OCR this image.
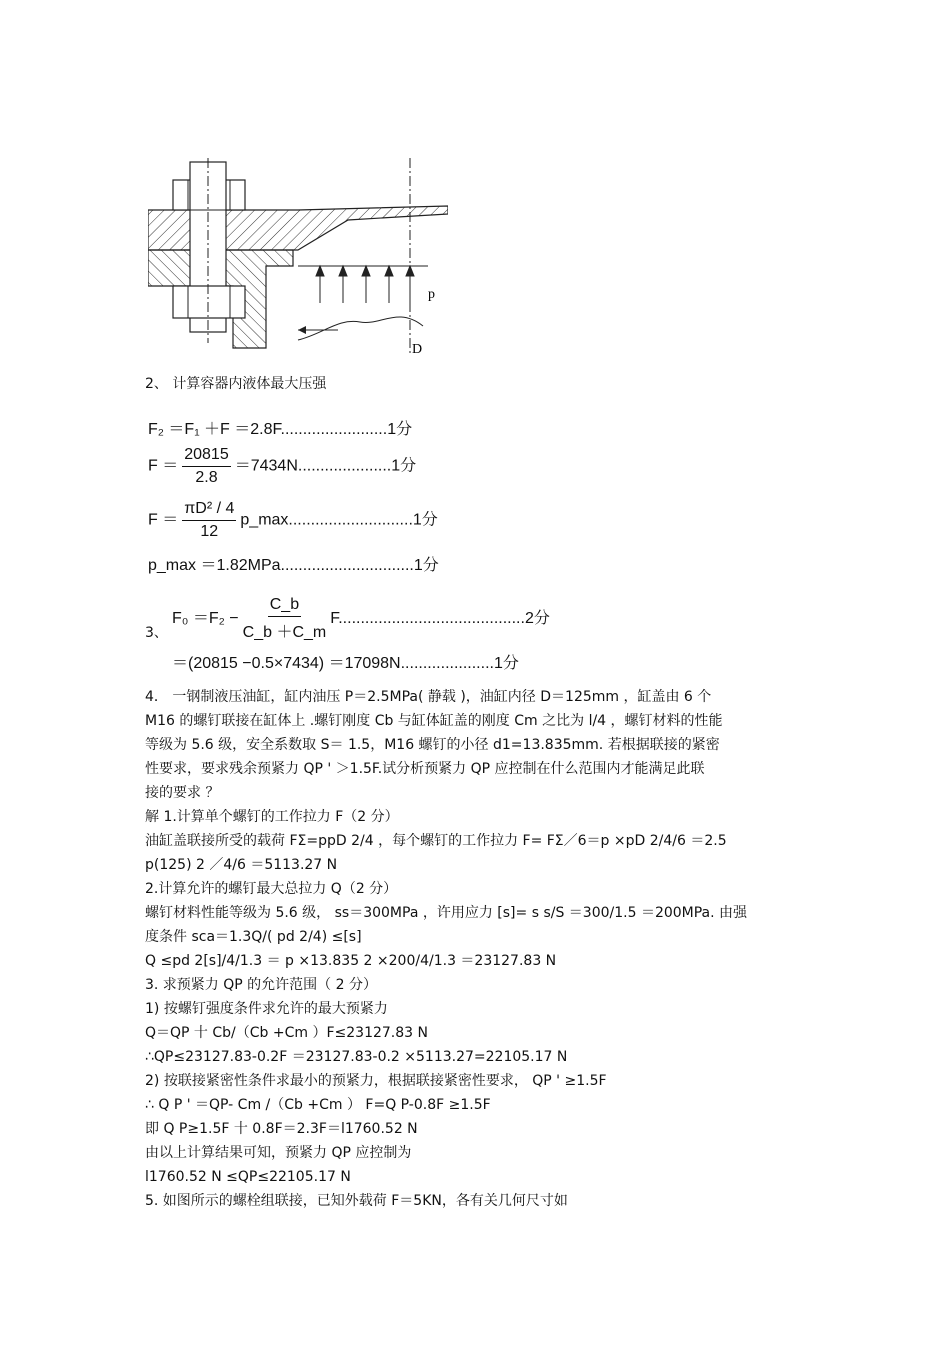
p
D
2、 计算容器内液体最大压强
F₂ ＝F₁ ＋F ＝2.8F........................1分
$F = \frac{20815}{2.8} =7434N.....................1$分
$F = \frac{\text{πD² / 4}}{12}$ p_max............................1分
p_max ＝1.82MPa..............................1分
3、
$F_0 =F_2 - \frac{C\_b}{C\_b +C\_m} F..........................................2$分
＝(20815 −0.5×7434) ＝17098N.....................1分
4． 一钢制液压油缸，缸内油压 P＝2.5MPa( 静载 )，油缸内径 D＝125mm ，缸盖由 6 个
M16 的螺钉联接在缸体上 .螺钉刚度 Cb 与缸体缸盖的刚度 Cm 之比为 l/4 ，螺钉材料的性能
等级为 5.6 级，安全系数取 S＝ 1.5，M16 螺钉的小径 d1=13.835mm. 若根据联接的紧密
性要求，要求残余预紧力 QP ' ＞1.5F.试分析预紧力 QP 应控制在什么范围内才能满足此联
接的要求 ？
解 1.计算单个螺钉的工作拉力 F（2 分）
油缸盖联接所受的载荷 FΣ=ppD 2/4 ，每个螺钉的工作拉力 F= FΣ／6＝p ×pD 2/4/6 ＝2.5
p(125) 2 ／4/6 ＝5113.27 N
2.计算允许的螺钉最大总拉力 Q（2 分）
螺钉材料性能等级为 5.6 级， ss＝300MPa ，许用应力 [s]= s s/S ＝300/1.5 ＝200MPa. 由强
度条件 sca＝1.3Q/( pd 2/4) ≤[s]
Q ≤pd 2[s]/4/1.3 ＝ p ×13.835 2 ×200/4/1.3 ＝23127.83 N
3. 求预紧力 QP 的允许范围（ 2 分）
1) 按螺钉强度条件求允许的最大预紧力
Q＝QP 十 Cb/（Cb +Cm ）F≤23127.83 N
∴QP≤23127.83-0.2F ＝23127.83-0.2 ×5113.27=22105.17 N
2) 按联接紧密性条件求最小的预紧力，根据联接紧密性要求， QP ' ≥1.5F
∴ Q P ' ＝QP- Cm /（Cb +Cm ） F=Q P-0.8F ≥1.5F
即 Q P≥1.5F 十 0.8F＝2.3F＝l1760.52 N
由以上计算结果可知，预紧力 QP 应控制为
l1760.52 N ≤QP≤22105.17 N
5. 如图所示的螺栓组联接，已知外载荷 F＝5KN，各有关几何尺寸如
